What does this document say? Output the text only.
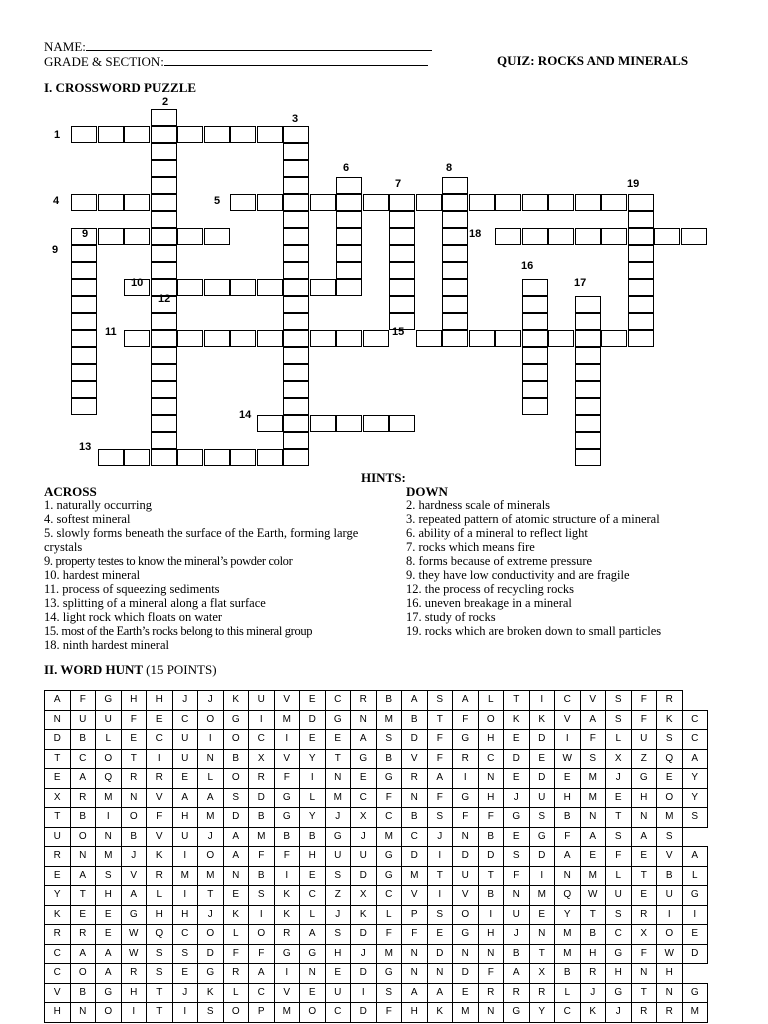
NAME:
GRADE & SECTION:	QUIZ: ROCKS AND MINERALS
I. CROSSWORD PUZZLE
1
2
3
4	5
6
7
8
9
9
10
11
12
13
14
15
16
17
18
19
HINTS:
ACROSS	DOWN
1. naturally occurring
4. softest mineral
5. slowly forms beneath the surface of the Earth, forming large crystals
9. property testes to know the mineral’s powder color
10. hardest mineral
11. process of squeezing sediments
13. splitting of a mineral along a flat surface
14. light rock which floats on water
15. most of the Earth’s rocks belong to this mineral group
18. ninth hardest mineral
2. hardness scale of minerals
3. repeated pattern of atomic structure of a mineral
6. ability of a mineral to reflect light
7. rocks which means fire
8. forms because of extreme pressure
9. they have low conductivity and are fragile
12. the process of recycling rocks
16. uneven breakage in a mineral
17. study of rocks
19. rocks which are broken down to small particles
II. WORD HUNT (15 POINTS)
A	F	G	H	H	J	J	K	U	V	E	C	R	B	A	S	A	L	T	I	C	V	S	F	R	
N	U	U	F	E	C	O	G	I	M	D	G	N	M	B	T	F	O	K	K	V	A	S	F	K	C
D	B	L	E	C	U	I	O	C	I	E	E	A	S	D	F	G	H	E	D	I	F	L	U	S	C
T	C	O	T	I	U	N	B	X	V	Y	T	G	B	V	F	R	C	D	E	W	S	X	Z	Q	A
E	A	Q	R	R	E	L	O	R	F	I	N	E	G	R	A	I	N	E	D	E	M	J	G	E	Y
X	R	M	N	V	A	A	S	D	G	L	M	C	F	N	F	G	H	J	U	H	M	E	H	O	Y
T	B	I	O	F	H	M	D	B	G	Y	J	X	C	B	S	F	F	G	S	B	N	T	N	M	S
U	O	N	B	V	U	J	A	M	B	B	G	J	M	C	J	N	B	E	G	F	A	S	A	S	
R	N	M	J	K	I	O	A	F	F	H	U	U	G	D	I	D	D	S	D	A	E	F	E	V	A
E	A	S	V	R	M	M	N	B	I	E	S	D	G	M	T	U	T	F	I	N	M	L	T	B	L
Y	T	H	A	L	I	T	E	S	K	C	Z	X	C	V	I	V	B	N	M	Q	W	U	E	U	G
K	E	E	G	H	H	J	K	I	K	L	J	K	L	P	S	O	I	U	E	Y	T	S	R	I	I
R	R	E	W	Q	C	O	L	O	R	A	S	D	F	F	E	G	H	J	N	M	B	C	X	O	E
C	A	A	W	S	S	D	F	F	G	G	H	J	M	N	D	N	N	B	T	M	H	G	F	W	D
C	O	A	R	S	E	G	R	A	I	N	E	D	G	N	N	D	F	A	X	B	R	H	N	H	
V	B	G	H	T	J	K	L	C	V	E	U	I	S	A	A	E	R	R	R	L	J	G	T	N	G
H	N	O	I	T	I	S	O	P	M	O	C	D	F	H	K	M	N	G	Y	C	K	J	R	R	M
